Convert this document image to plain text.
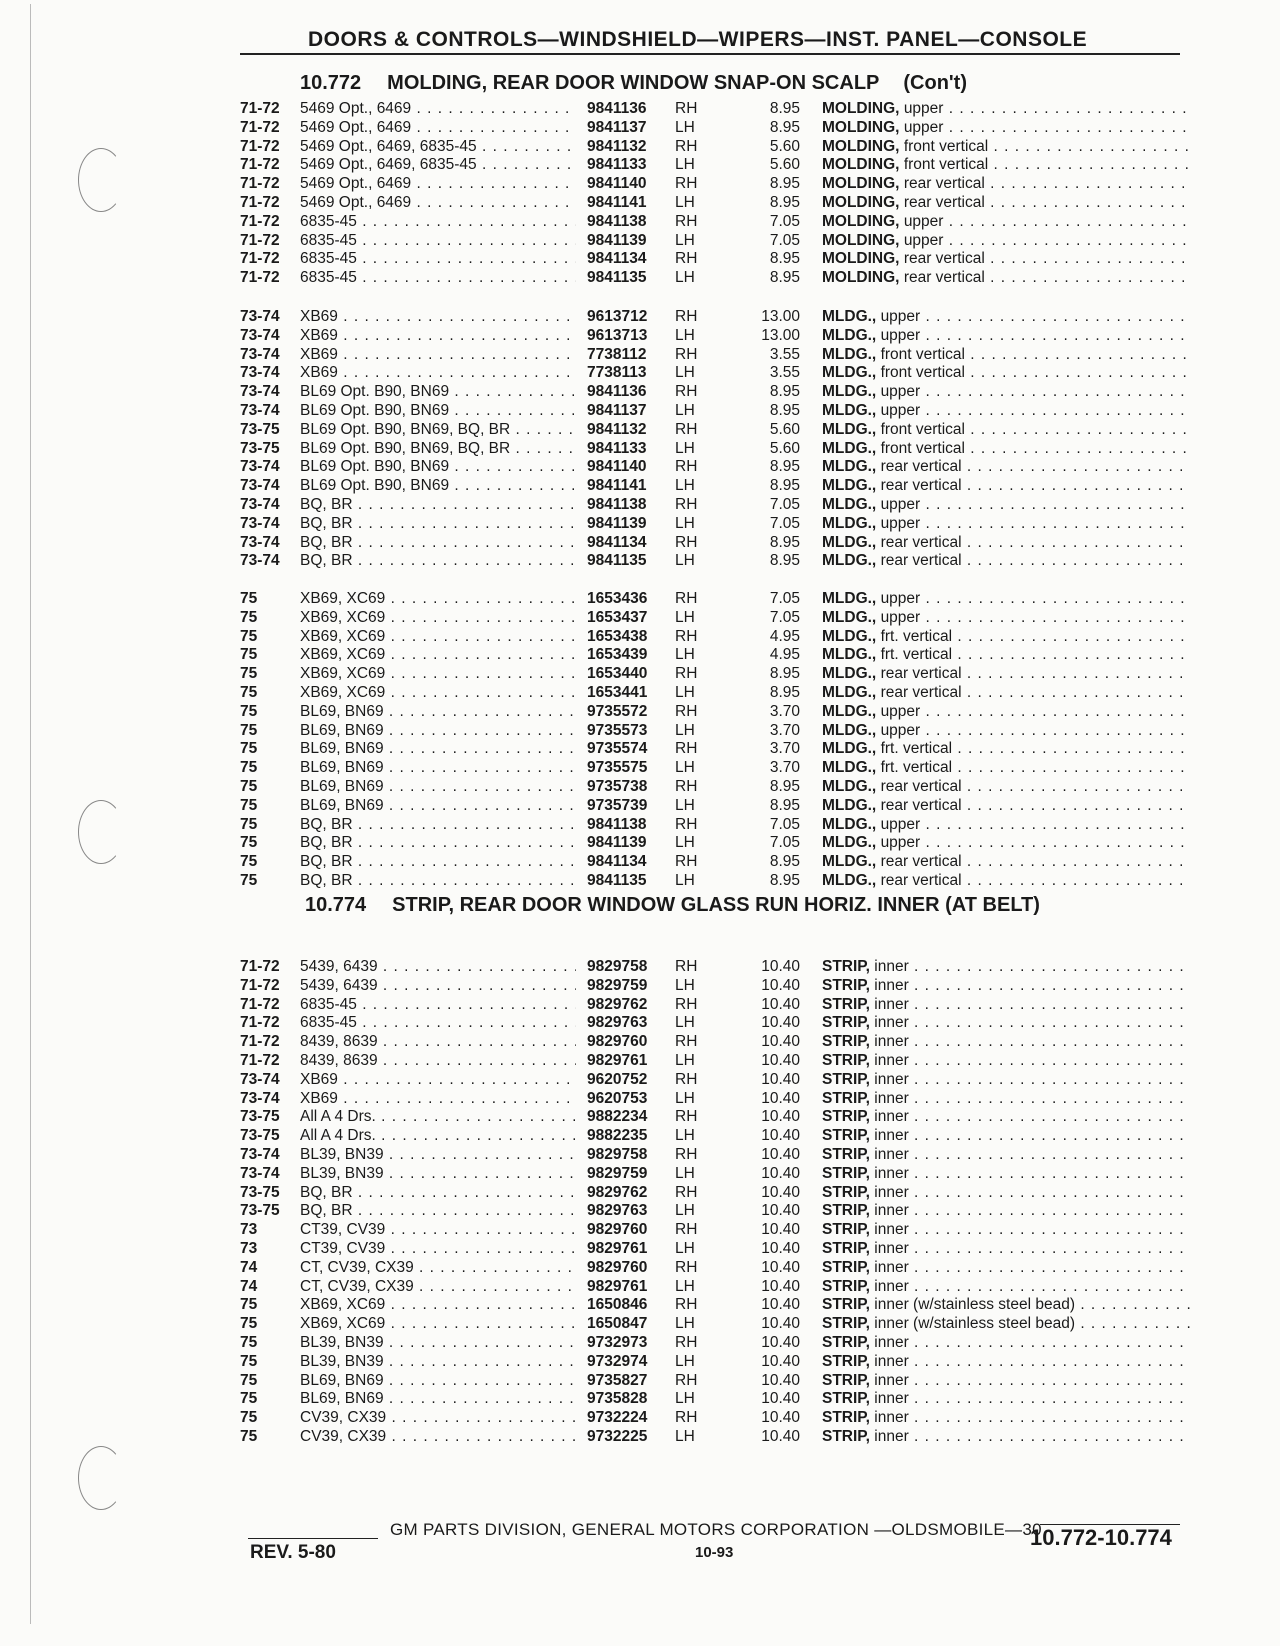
DOORS & CONTROLS—WINDSHIELD—WIPERS—INST. PANEL—CONSOLE
10.772 MOLDING, REAR DOOR WINDOW SNAP-ON SCALP (Con't)
71-72 5469 Opt., 6469 . . .	9841136 RH	8.95 MOLDING, upper . . .
71-72 5469 Opt., 6469 . . .	9841137 LH	8.95 MOLDING, upper . . .
71-72 5469 Opt., 6469, 6835-45 . . .	9841132 RH	5.60 MOLDING, front vertical . . .
71-72 5469 Opt., 6469, 6835-45 . . .	9841133 LH	5.60 MOLDING, front vertical . . .
71-72 5469 Opt., 6469 . . .	9841140 RH	8.95 MOLDING, rear vertical . . .
71-72 5469 Opt., 6469 . . .	9841141 LH	8.95 MOLDING, rear vertical . . .
71-72 6835-45 . . .	9841138 RH	7.05 MOLDING, upper . . .
71-72 6835-45 . . .	9841139 LH	7.05 MOLDING, upper . . .
71-72 6835-45 . . .	9841134 RH	8.95 MOLDING, rear vertical . . .
71-72 6835-45 . . .	9841135 LH	8.95 MOLDING, rear vertical . . .
73-74 XB69 . . .	9613712 RH	13.00 MLDG., upper . . .
73-74 XB69 . . .	9613713 LH	13.00 MLDG., upper . . .
73-74 XB69 . . .	7738112 RH	3.55 MLDG., front vertical . . .
73-74 XB69 . . .	7738113 LH	3.55 MLDG., front vertical . . .
73-74 BL69 Opt. B90, BN69 . . .	9841136 RH	8.95 MLDG., upper . . .
73-74 BL69 Opt. B90, BN69 . . .	9841137 LH	8.95 MLDG., upper . . .
73-75 BL69 Opt. B90, BN69, BQ, BR . . .	9841132 RH	5.60 MLDG., front vertical . . .
73-75 BL69 Opt. B90, BN69, BQ, BR . . .	9841133 LH	5.60 MLDG., front vertical . . .
73-74 BL69 Opt. B90, BN69 . . .	9841140 RH	8.95 MLDG., rear vertical . . .
73-74 BL69 Opt. B90, BN69 . . .	9841141 LH	8.95 MLDG., rear vertical . . .
73-74 BQ, BR . . .	9841138 RH	7.05 MLDG., upper . . .
73-74 BQ, BR . . .	9841139 LH	7.05 MLDG., upper . . .
73-74 BQ, BR . . .	9841134 RH	8.95 MLDG., rear vertical . . .
73-74 BQ, BR . . .	9841135 LH	8.95 MLDG., rear vertical . . .
75	XB69, XC69 . . .	1653436 RH	7.05 MLDG., upper . . .
75	XB69, XC69 . . .	1653437 LH	7.05 MLDG., upper . . .
75	XB69, XC69 . . .	1653438 RH	4.95 MLDG., frt. vertical . . .
75	XB69, XC69 . . .	1653439 LH	4.95 MLDG., frt. vertical . . .
75	XB69, XC69 . . .	1653440 RH	8.95 MLDG., rear vertical . . .
75	XB69, XC69 . . .	1653441 LH	8.95 MLDG., rear vertical . . .
75	BL69, BN69 . . .	9735572 RH	3.70 MLDG., upper . . .
75	BL69, BN69 . . .	9735573 LH	3.70 MLDG., upper . . .
75	BL69, BN69 . . .	9735574 RH	3.70 MLDG., frt. vertical . . .
75	BL69, BN69 . . .	9735575 LH	3.70 MLDG., frt. vertical . . .
75	BL69, BN69 . . .	9735738 RH	8.95 MLDG., rear vertical . . .
75	BL69, BN69 . . .	9735739 LH	8.95 MLDG., rear vertical . . .
75	BQ, BR . . .	9841138 RH	7.05 MLDG., upper . . .
75	BQ, BR . . .	9841139 LH	7.05 MLDG., upper . . .
75	BQ, BR . . .	9841134 RH	8.95 MLDG., rear vertical . . .
75	BQ, BR . . .	9841135 LH	8.95 MLDG., rear vertical . . .
10.774 STRIP, REAR DOOR WINDOW GLASS RUN HORIZ. INNER (AT BELT)
71-72 5439, 6439 . . .	9829758 RH	10.40 STRIP, inner . . .
71-72 5439, 6439 . . .	9829759 LH	10.40 STRIP, inner . . .
71-72 6835-45 . . .	9829762 RH	10.40 STRIP, inner . . .
71-72 6835-45 . . .	9829763 LH	10.40 STRIP, inner . . .
71-72 8439, 8639 . . .	9829760 RH	10.40 STRIP, inner . . .
71-72 8439, 8639 . . .	9829761 LH	10.40 STRIP, inner . . .
73-74 XB69 . . .	9620752 RH	10.40 STRIP, inner . . .
73-74 XB69 . . .	9620753 LH	10.40 STRIP, inner . . .
73-75 All A 4 Drs. . . .	9882234 RH	10.40 STRIP, inner . . .
73-75 All A 4 Drs. . . .	9882235 LH	10.40 STRIP, inner . . .
73-74 BL39, BN39 . . .	9829758 RH	10.40 STRIP, inner . . .
73-74 BL39, BN39 . . .	9829759 LH	10.40 STRIP, inner . . .
73-75 BQ, BR . . .	9829762 RH	10.40 STRIP, inner . . .
73-75 BQ, BR . . .	9829763 LH	10.40 STRIP, inner . . .
73	CT39, CV39 . . .	9829760 RH	10.40 STRIP, inner . . .
73	CT39, CV39 . . .	9829761 LH	10.40 STRIP, inner . . .
74	CT, CV39, CX39 . . .	9829760 RH	10.40 STRIP, inner . . .
74	CT, CV39, CX39 . . .	9829761 LH	10.40 STRIP, inner . . .
75	XB69, XC69 . . .	1650846 RH	10.40 STRIP, inner (w/stainless steel bead) . . .
75	XB69, XC69 . . .	1650847 LH	10.40 STRIP, inner (w/stainless steel bead) . . .
75	BL39, BN39 . . .	9732973 RH	10.40 STRIP, inner . . .
75	BL39, BN39 . . .	9732974 LH	10.40 STRIP, inner . . .
75	BL69, BN69 . . .	9735827 RH	10.40 STRIP, inner . . .
75	BL69, BN69 . . .	9735828 LH	10.40 STRIP, inner . . .
75	CV39, CX39 . . .	9732224 RH	10.40 STRIP, inner . . .
75	CV39, CX39 . . .	9732225 LH	10.40 STRIP, inner . . .
GM PARTS DIVISION, GENERAL MOTORS CORPORATION —OLDSMOBILE—30
REV. 5-80	10-93
10.772-10.774
